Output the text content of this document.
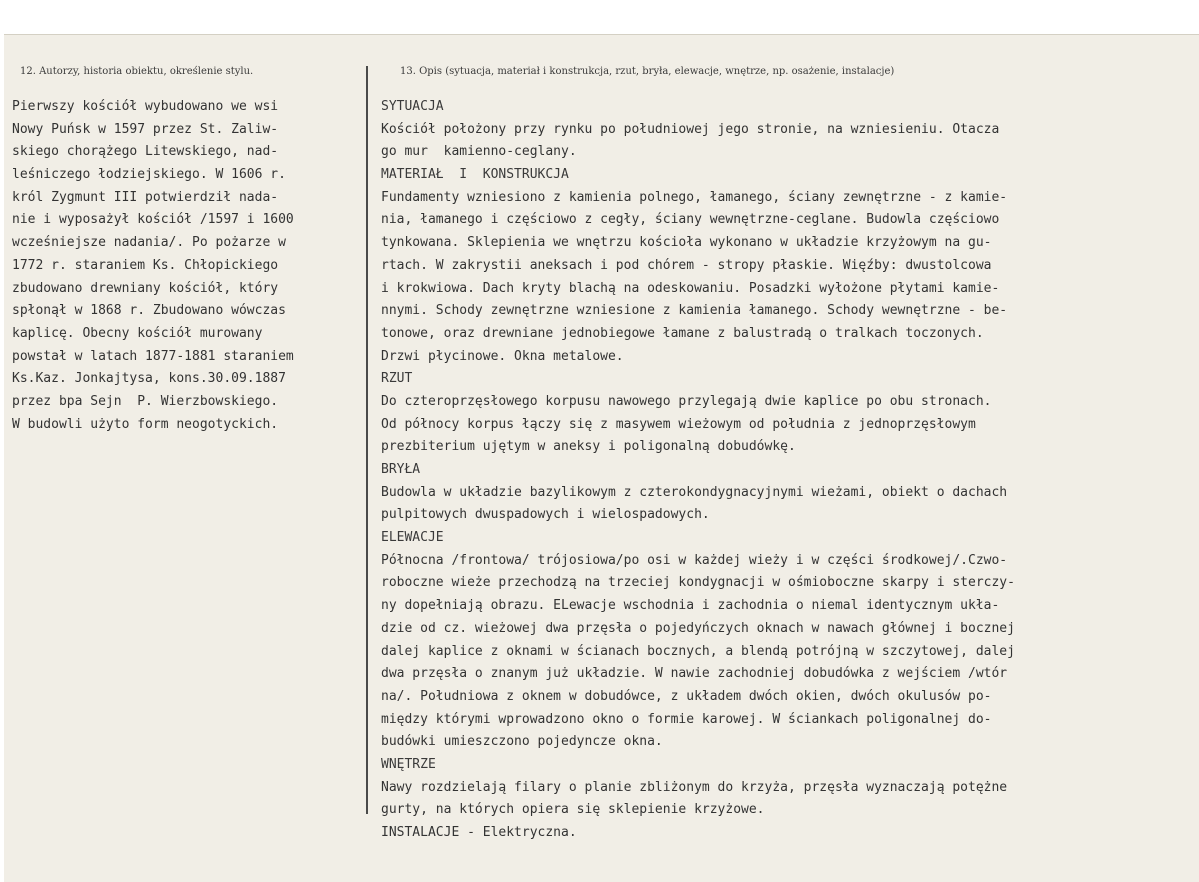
12. Autorzy, historia obiektu, określenie stylu.	13. Opis (sytuacja, materiał i konstrukcja, rzut, bryła, elewacje, wnętrze, np. osażenie, instalacje)
Pierwszy kościół wybudowano we wsi
Nowy Puńsk w 1597 przez St. Zaliw-
skiego chorążego Litewskiego, nad-
leśniczego łodziejskiego. W 1606 r.
król Zygmunt III potwierdził nada-
nie i wyposażył kościół /1597 i 1600
wcześniejsze nadania/. Po pożarze w
1772 r. staraniem Ks. Chłopickiego
zbudowano drewniany kościół, który
spłonął w 1868 r. Zbudowano wówczas
kaplicę. Obecny kościół murowany
powstał w latach 1877-1881 staraniem
Ks.Kaz. Jonkajtysa, kons.30.09.1887
przez bpa Sejn  P. Wierzbowskiego.
W budowli użyto form neogotyckich.
SYTUACJA
Kościół położony przy rynku po południowej jego stronie, na wzniesieniu. Otacza
go mur  kamienno-ceglany.
MATERIAŁ  I  KONSTRUKCJA
Fundamenty wzniesiono z kamienia polnego, łamanego, ściany zewnętrzne - z kamie-
nia, łamanego i częściowo z cegły, ściany wewnętrzne-ceglane. Budowla częściowo
tynkowana. Sklepienia we wnętrzu kościoła wykonano w układzie krzyżowym na gu-
rtach. W zakrystii aneksach i pod chórem - stropy płaskie. Więźby: dwustolcowa
i krokwiowa. Dach kryty blachą na odeskowaniu. Posadzki wyłożone płytami kamie-
nnymi. Schody zewnętrzne wzniesione z kamienia łamanego. Schody wewnętrzne - be-
tonowe, oraz drewniane jednobiegowe łamane z balustradą o tralkach toczonych.
Drzwi płycinowe. Okna metalowe.
RZUT
Do czteroprzęsłowego korpusu nawowego przylegają dwie kaplice po obu stronach.
Od północy korpus łączy się z masywem wieżowym od południa z jednoprzęsłowym
prezbiterium ujętym w aneksy i poligonalną dobudówkę.
BRYŁA
Budowla w układzie bazylikowym z czterokondygnacyjnymi wieżami, obiekt o dachach
pulpitowych dwuspadowych i wielospadowych.
ELEWACJE
Północna /frontowa/ trójosiowa/po osi w każdej wieży i w części środkowej/.Czwo-
roboczne wieże przechodzą na trzeciej kondygnacji w ośmioboczne skarpy i sterczy-
ny dopełniają obrazu. ELewacje wschodnia i zachodnia o niemal identycznym ukła-
dzie od cz. wieżowej dwa przęsła o pojedyńczych oknach w nawach głównej i bocznej
dalej kaplice z oknami w ścianach bocznych, a blendą potrójną w szczytowej, dalej
dwa przęsła o znanym już układzie. W nawie zachodniej dobudówka z wejściem /wtór
na/. Południowa z oknem w dobudówce, z układem dwóch okien, dwóch okulusów po-
między którymi wprowadzono okno o formie karowej. W ściankach poligonalnej do-
budówki umieszczono pojedyncze okna.
WNĘTRZE
Nawy rozdzielają filary o planie zbliżonym do krzyża, przęsła wyznaczają potężne
gurty, na których opiera się sklepienie krzyżowe.
INSTALACJE - Elektryczna.
